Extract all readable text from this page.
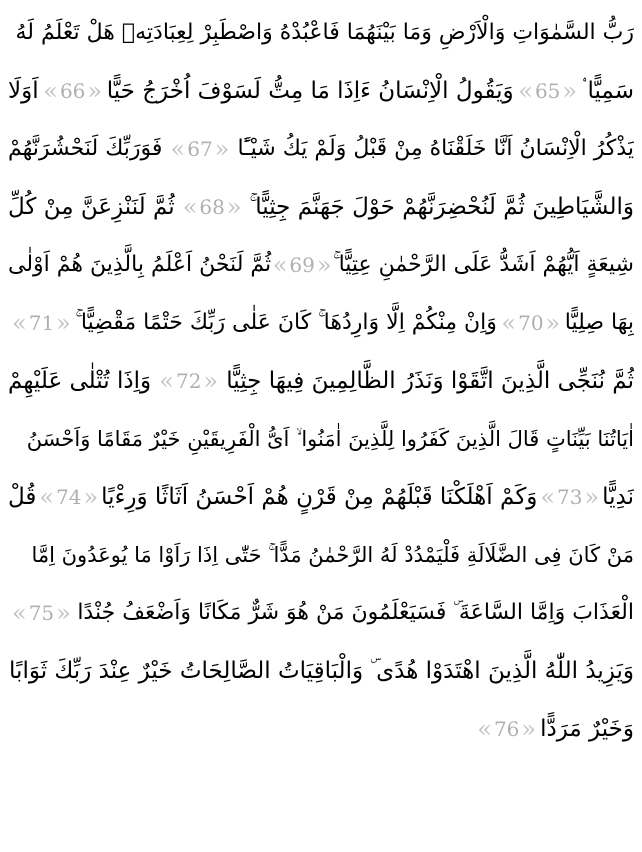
رَبُّ السَّمٰوَاتِ وَالْاَرْضِ وَمَا بَيْنَهُمَا فَاعْبُدْهُ وَاصْطَبِرْ لِعِبَادَتِهۜ هَلْ تَعْلَمُ لَهُ
سَمِيًّا ۟
« 65 »
وَيَقُولُ الْاِنْسَانُ ءَاِذَا مَا مِتُّ لَسَوْفَ اُخْرَجُ حَيًّا
« 66 »
اَوَلَا
يَذْكُرُ الْاِنْسَانُ اَنَّا خَلَقْنَاهُ مِنْ قَبْلُ وَلَمْ يَكُ شَيْـًٔا
« 67 »
فَوَرَبِّكَ لَنَحْشُرَنَّهُمْ
وَالشَّيَاطِينَ ثُمَّ لَنُحْضِرَنَّهُمْ حَوْلَ جَهَنَّمَ جِثِيًّا ۚ
« 68 »
ثُمَّ لَنَنْزِعَنَّ مِنْ كُلِّ
شِيعَةٍ اَيُّهُمْ اَشَدُّ عَلَى الرَّحْمٰنِ عِتِيًّا ۚ
« 69 »
ثُمَّ لَنَحْنُ اَعْلَمُ بِالَّذِينَ هُمْ اَوْلٰى
بِهَا صِلِيًّا
« 70 »
وَاِنْ مِنْكُمْ اِلَّا وَارِدُهَا ۚ كَانَ عَلٰى رَبِّكَ حَتْمًا مَقْضِيًّا ۚ
« 71 »
ثُمَّ نُنَجِّى الَّذِينَ اتَّقَوْا وَنَذَرُ الظَّالِمِينَ فِيهَا جِثِيًّا
« 72 »
وَاِذَا تُتْلٰى عَلَيْهِمْ
اٰيَاتُنَا بَيِّنَاتٍ قَالَ الَّذِينَ كَفَرُوا لِلَّذِينَ اٰمَنُوا ۙ اَىُّ الْفَرِيقَيْنِ خَيْرٌ مَقَامًا وَاَحْسَنُ
نَدِيًّا
« 73 »
وَكَمْ اَهْلَكْنَا قَبْلَهُمْ مِنْ قَرْنٍ هُمْ اَحْسَنُ اَثَاثًا وَرِءْيًا
« 74 »
قُلْ
مَنْ كَانَ فِى الضَّلَالَةِ فَلْيَمْدُدْ لَهُ الرَّحْمٰنُ مَدًّا ۚ حَتّٰى اِذَا رَاَوْا مَا يُوعَدُونَ اِمَّا
الْعَذَابَ وَاِمَّا السَّاعَةَ ۜ فَسَيَعْلَمُونَ مَنْ هُوَ شَرٌّ مَكَانًا وَاَضْعَفُ جُنْدًا
« 75 »
وَيَزِيدُ اللّٰهُ الَّذِينَ اهْتَدَوْا هُدًى ۜ وَالْبَاقِيَاتُ الصَّالِحَاتُ خَيْرٌ عِنْدَ رَبِّكَ ثَوَابًا
وَخَيْرٌ مَرَدًّا
« 76 »
